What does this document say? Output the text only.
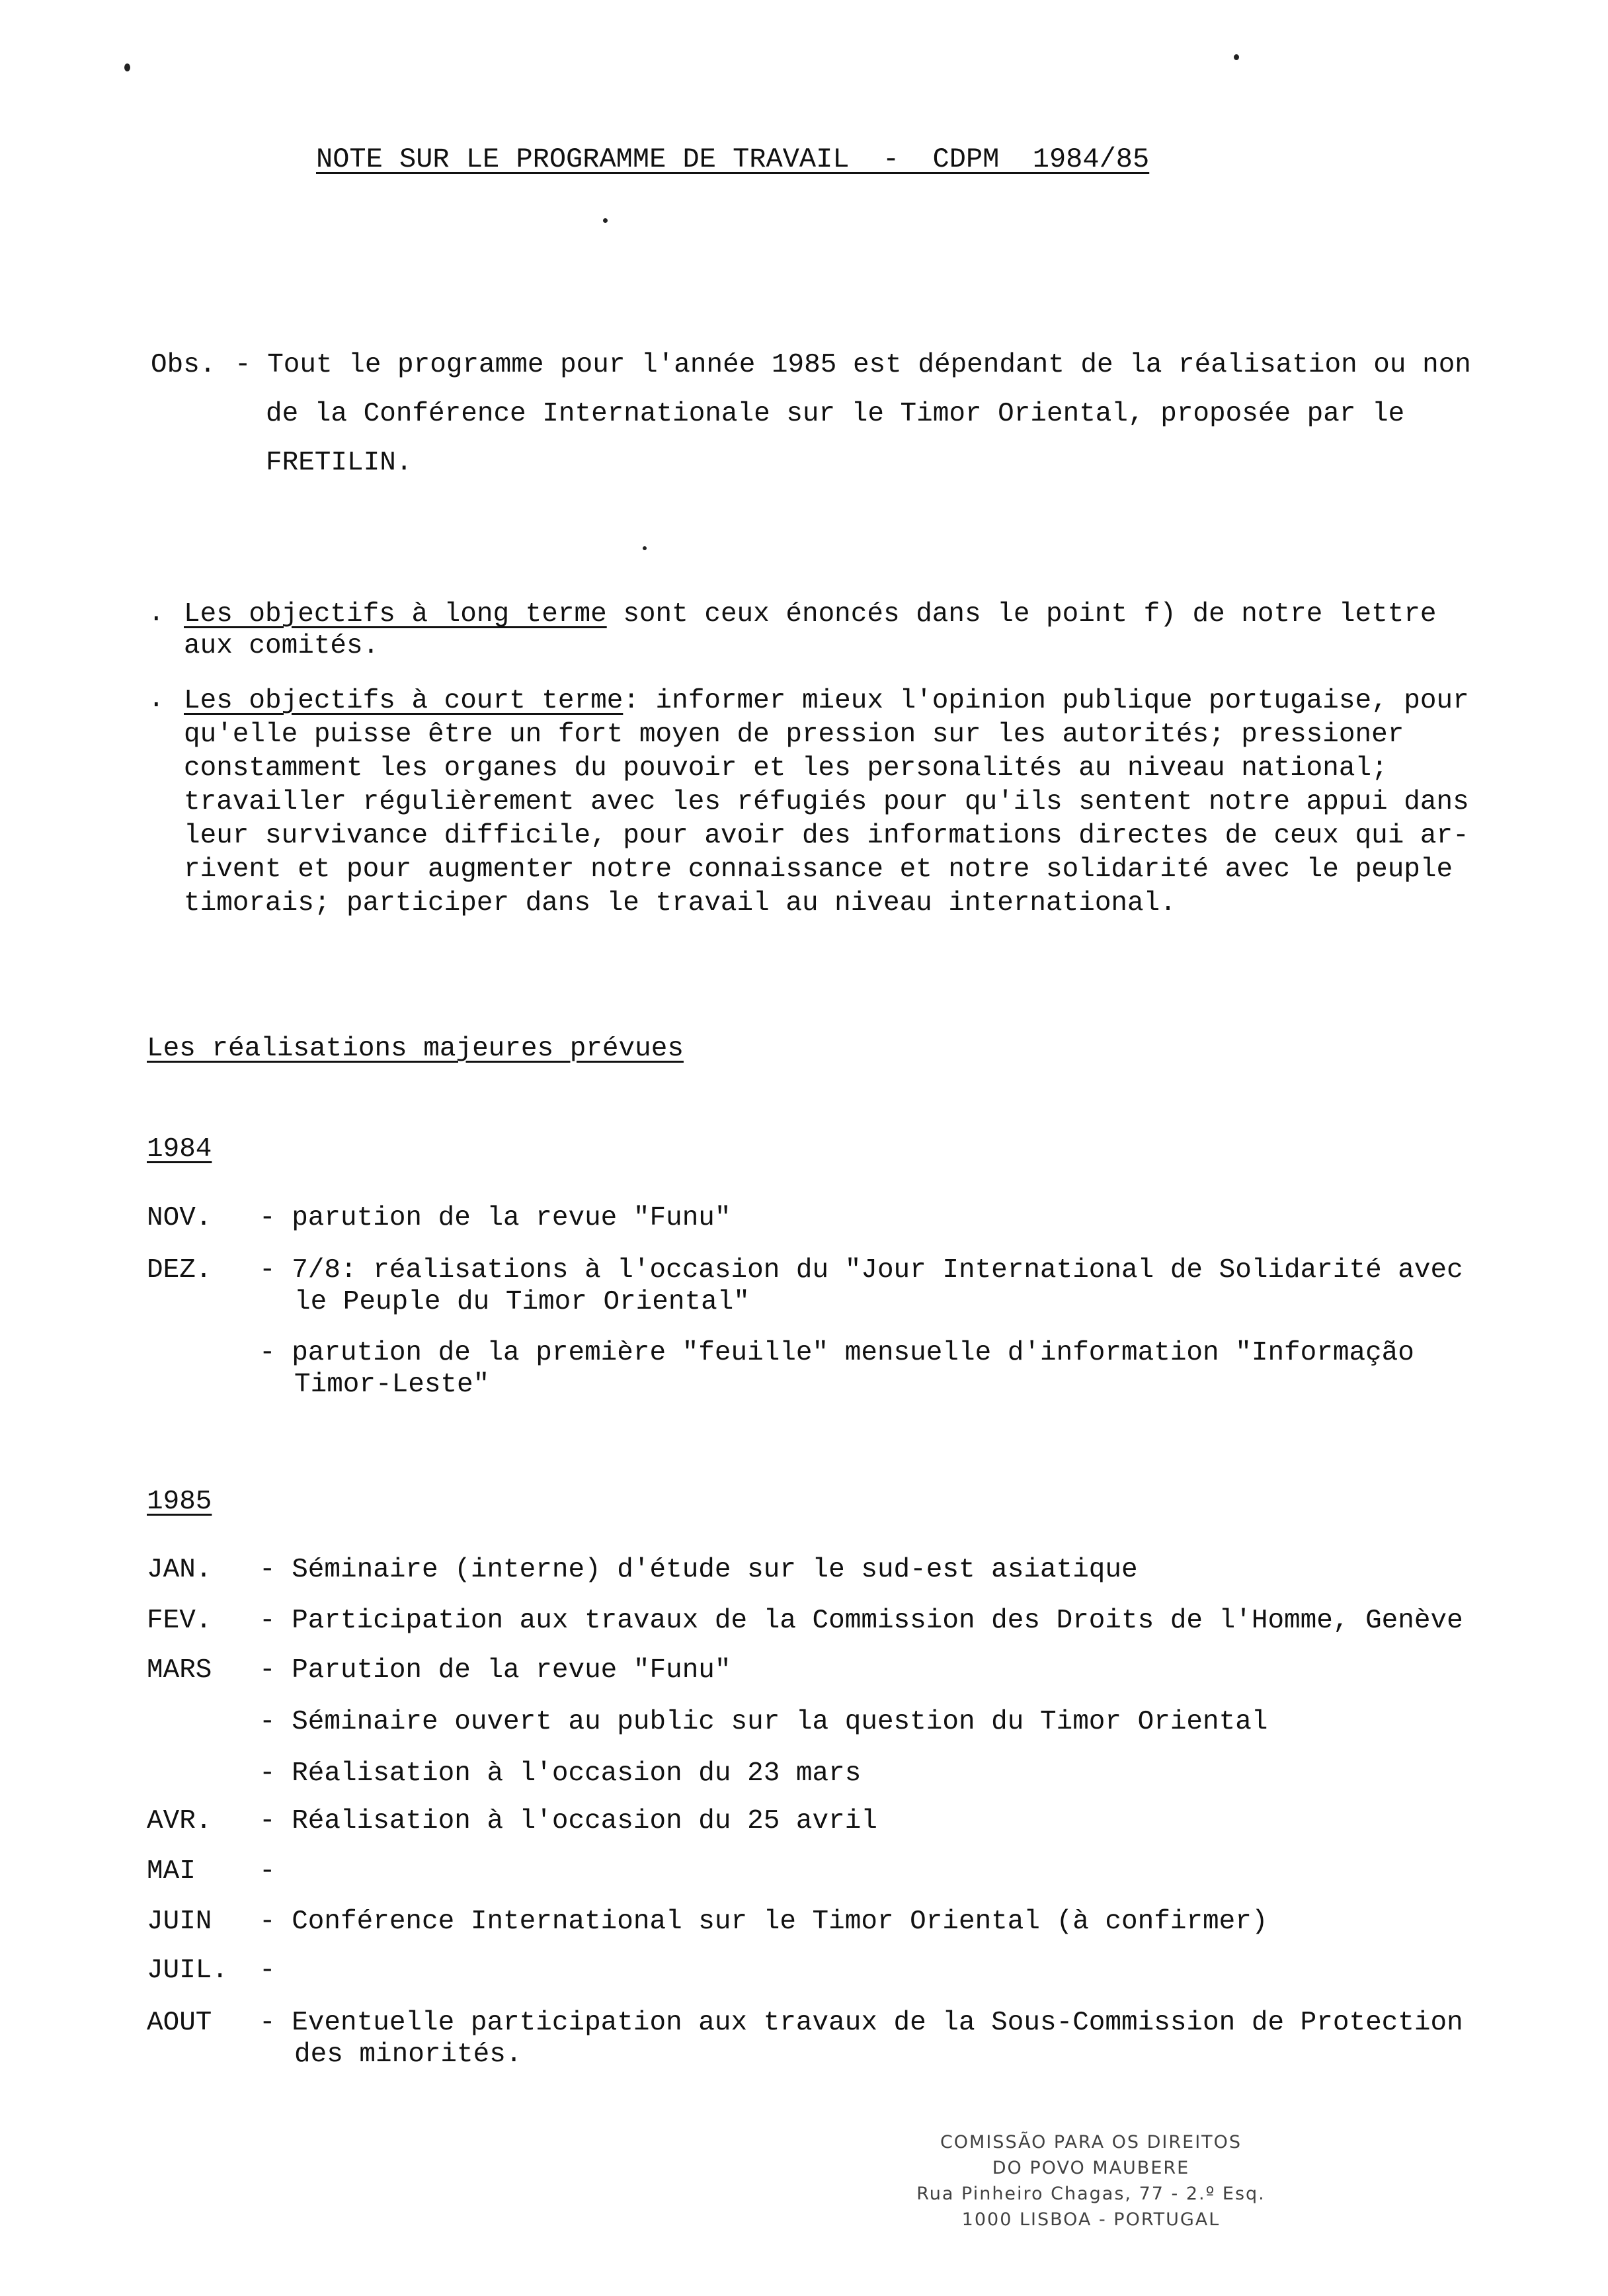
NOTE SUR LE PROGRAMME DE TRAVAIL  -  CDPM  1984/85
Obs. - Tout le programme pour l'année 1985 est dépendant de la réalisation ou non
de la Conférence Internationale sur le Timor Oriental, proposée par le
FRETILIN.
. Les objectifs à long terme sont ceux énoncés dans le point f) de notre lettre
aux comités.
. Les objectifs à court terme: informer mieux l'opinion publique portugaise, pour
qu'elle puisse être un fort moyen de pression sur les autorités; pressioner
constamment les organes du pouvoir et les personalités au niveau national;
travailler régulièrement avec les réfugiés pour qu'ils sentent notre appui dans
leur survivance difficile, pour avoir des informations directes de ceux qui ar-
rivent et pour augmenter notre connaissance et notre solidarité avec le peuple
timorais; participer dans le travail au niveau international.
Les réalisations majeures prévues
1984
NOV. - parution de la revue "Funu"
DEZ. - 7/8: réalisations à l'occasion du "Jour International de Solidarité avec
le Peuple du Timor Oriental"
- parution de la première "feuille" mensuelle d'information "Informação
Timor-Leste"
1985
JAN. - Séminaire (interne) d'étude sur le sud-est asiatique
FEV. - Participation aux travaux de la Commission des Droits de l'Homme, Genève
MARS - Parution de la revue "Funu"
- Séminaire ouvert au public sur la question du Timor Oriental
- Réalisation à l'occasion du 23 mars
AVR. - Réalisation à l'occasion du 25 avril
MAI -
JUIN - Conférence International sur le Timor Oriental (à confirmer)
JUIL. -
AOUT - Eventuelle participation aux travaux de la Sous-Commission de Protection
des minorités.
COMISSÃO PARA OS DIREITOS
DO POVO MAUBERE
Rua Pinheiro Chagas, 77 - 2.º Esq.
1000 LISBOA - PORTUGAL
